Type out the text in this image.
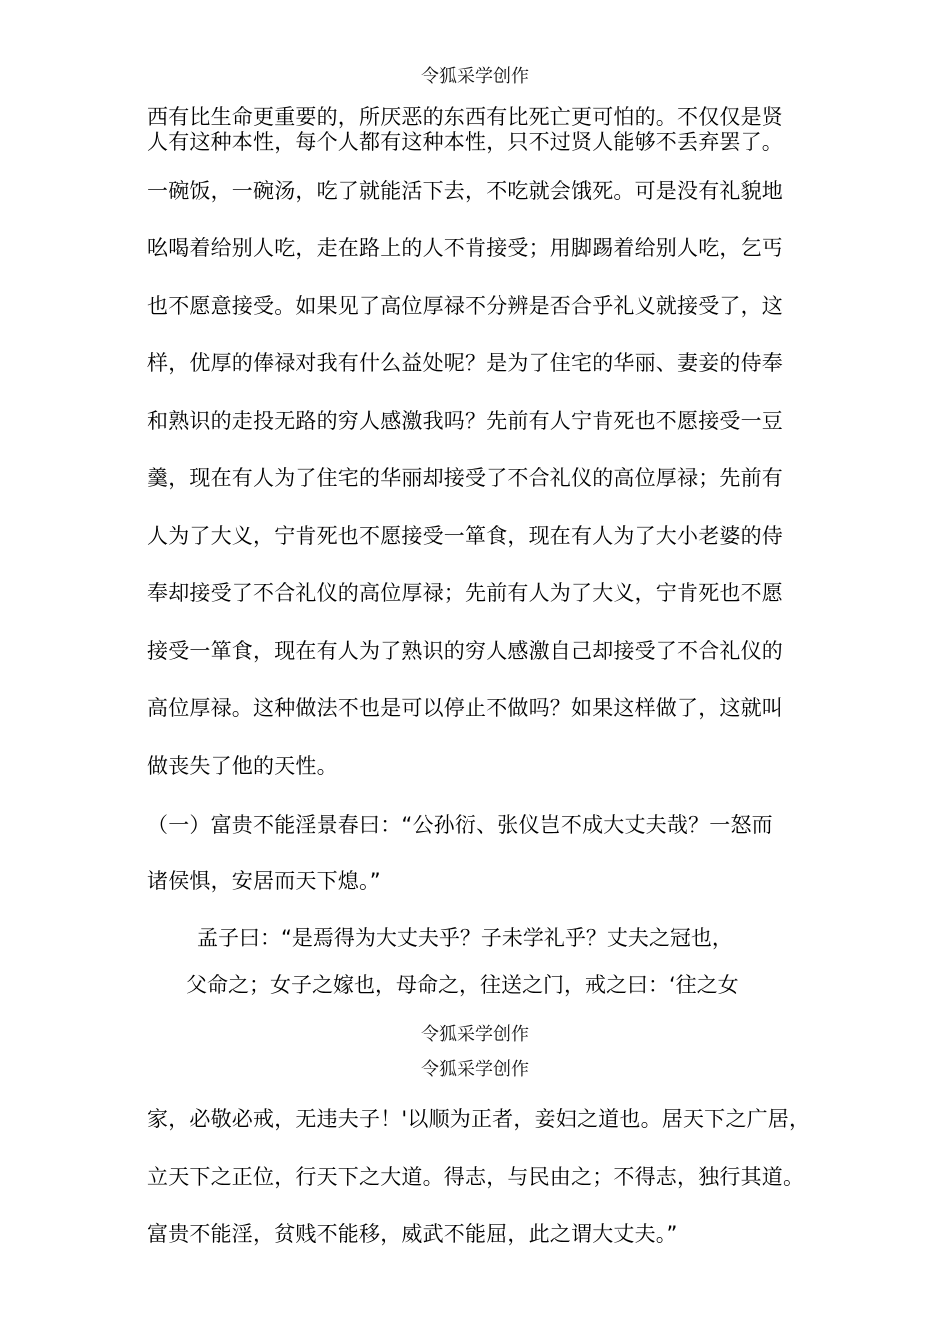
令狐采学创作
西有比生命更重要的，所厌恶的东西有比死亡更可怕的。不仅仅是贤
人有这种本性，每个人都有这种本性，只不过贤人能够不丢弃罢了。
一碗饭，一碗汤，吃了就能活下去，不吃就会饿死。可是没有礼貌地
吆喝着给别人吃，走在路上的人不肯接受；用脚踢着给别人吃，乞丐
也不愿意接受。如果见了高位厚禄不分辨是否合乎礼义就接受了，这
样，优厚的俸禄对我有什么益处呢？是为了住宅的华丽、妻妾的侍奉
和熟识的走投无路的穷人感激我吗？先前有人宁肯死也不愿接受一豆
羹，现在有人为了住宅的华丽却接受了不合礼仪的高位厚禄；先前有
人为了大义，宁肯死也不愿接受一箪食，现在有人为了大小老婆的侍
奉却接受了不合礼仪的高位厚禄；先前有人为了大义，宁肯死也不愿
接受一箪食，现在有人为了熟识的穷人感激自己却接受了不合礼仪的
高位厚禄。这种做法不也是可以停止不做吗？如果这样做了，这就叫
做丧失了他的天性。
（一）富贵不能淫景春曰：“公孙衍、张仪岂不成大丈夫哉？一怒而
诸侯惧，安居而天下熄。”
孟子曰：“是焉得为大丈夫乎？子未学礼乎？丈夫之冠也，
父命之；女子之嫁也，母命之，往送之门，戒之曰：‘往之女
令狐采学创作
令狐采学创作
家，必敬必戒，无违夫子！'以顺为正者，妾妇之道也。居天下之广居，
立天下之正位，行天下之大道。得志，与民由之；不得志，独行其道。
富贵不能淫，贫贱不能移，威武不能屈，此之谓大丈夫。”
